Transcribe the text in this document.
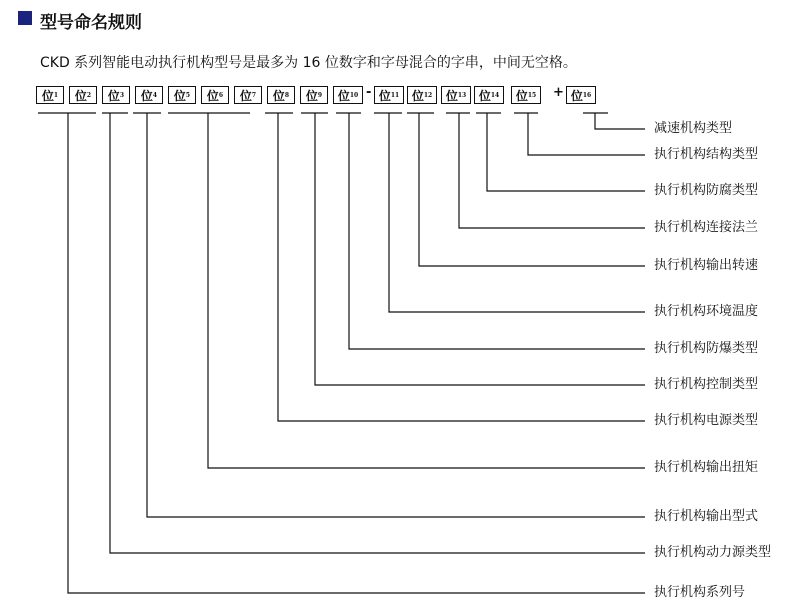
型号命名规则
CKD 系列智能电动执行机构型号是最多为 16 位数字和字母混合的字串，中间无空格。
位 1 位 2 位 3 位 4 位 5 位 6 位 7 位 8 位 9 位 10 - 位 11 位 12 位 13 位 14 位 15 + 位 16
减速机构类型
执行机构结构类型
执行机构防腐类型
执行机构连接法兰
执行机构输出转速
执行机构环境温度
执行机构防爆类型
执行机构控制类型
执行机构电源类型
执行机构输出扭矩
执行机构输出型式
执行机构动力源类型
执行机构系列号
